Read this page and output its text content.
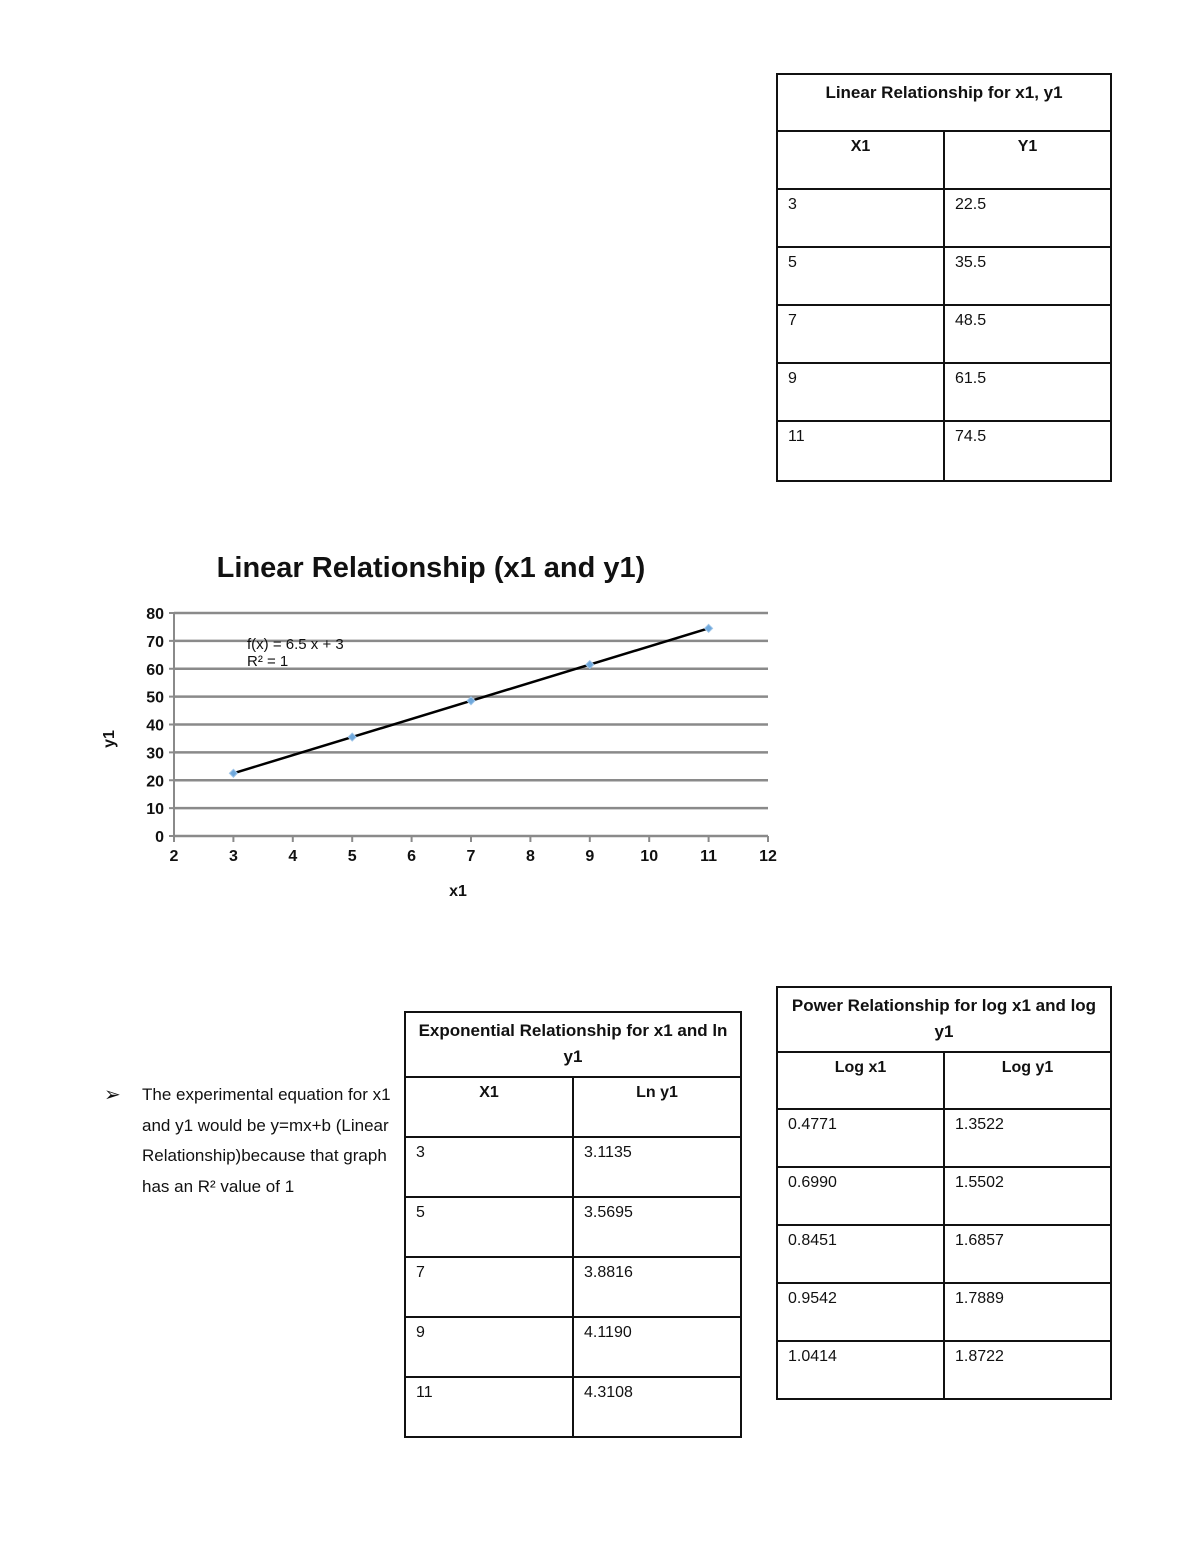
Linear Relationship for x1, y1	
X1	Y1
3	22.5
5	35.5
7	48.5
9	61.5
11	74.5
Linear Relationship (x1 and y1)
0
10
20
30
40
50
60
70
80
2	3	4	5	6	7	8	9	10	11	12
f(x) = 6.5 x + 3
R² = 1
x1
y1
➢ The experimental equation for x1 and y1 would be y=mx+b (Linear Relationship)because that graph has an R² value of 1
Exponential Relationship for x1 and ln y1	
X1	Ln y1
3	3.1135
5	3.5695
7	3.8816
9	4.1190
11	4.3108
Power Relationship for log x1 and log y1	
Log x1	Log y1
0.4771	1.3522
0.6990	1.5502
0.8451	1.6857
0.9542	1.7889
1.0414	1.8722
